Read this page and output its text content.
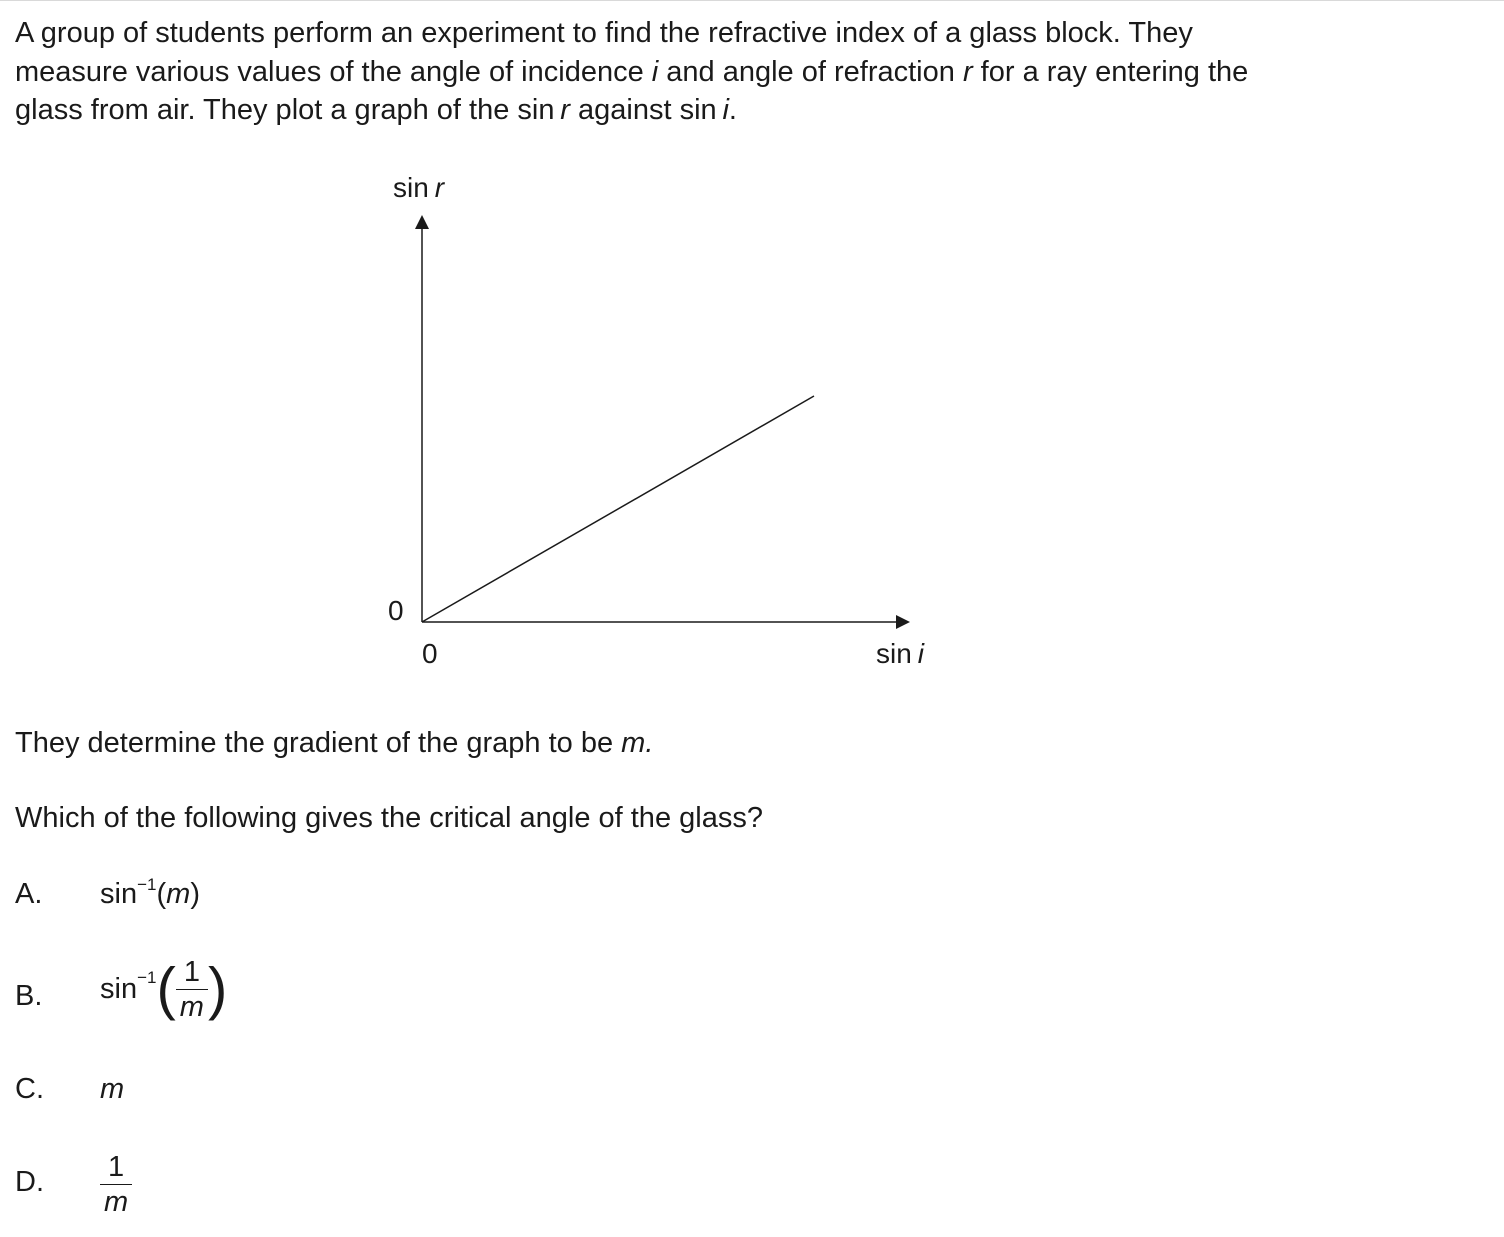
A group of students perform an experiment to find the refractive index of a glass block. They

measure various values of the angle of incidence i and angle of refraction r for a ray entering the

glass from air. They plot a graph of the sin r against sin i.

sin r
sin i
0
0
They determine the gradient of the graph to be m.
Which of the following gives the critical angle of the glass?
A. $\sin^{-1}(m)$
B. $\sin^{-1}( \frac{1}{m}$ )
C. m
D. $\frac{1}{m}$
